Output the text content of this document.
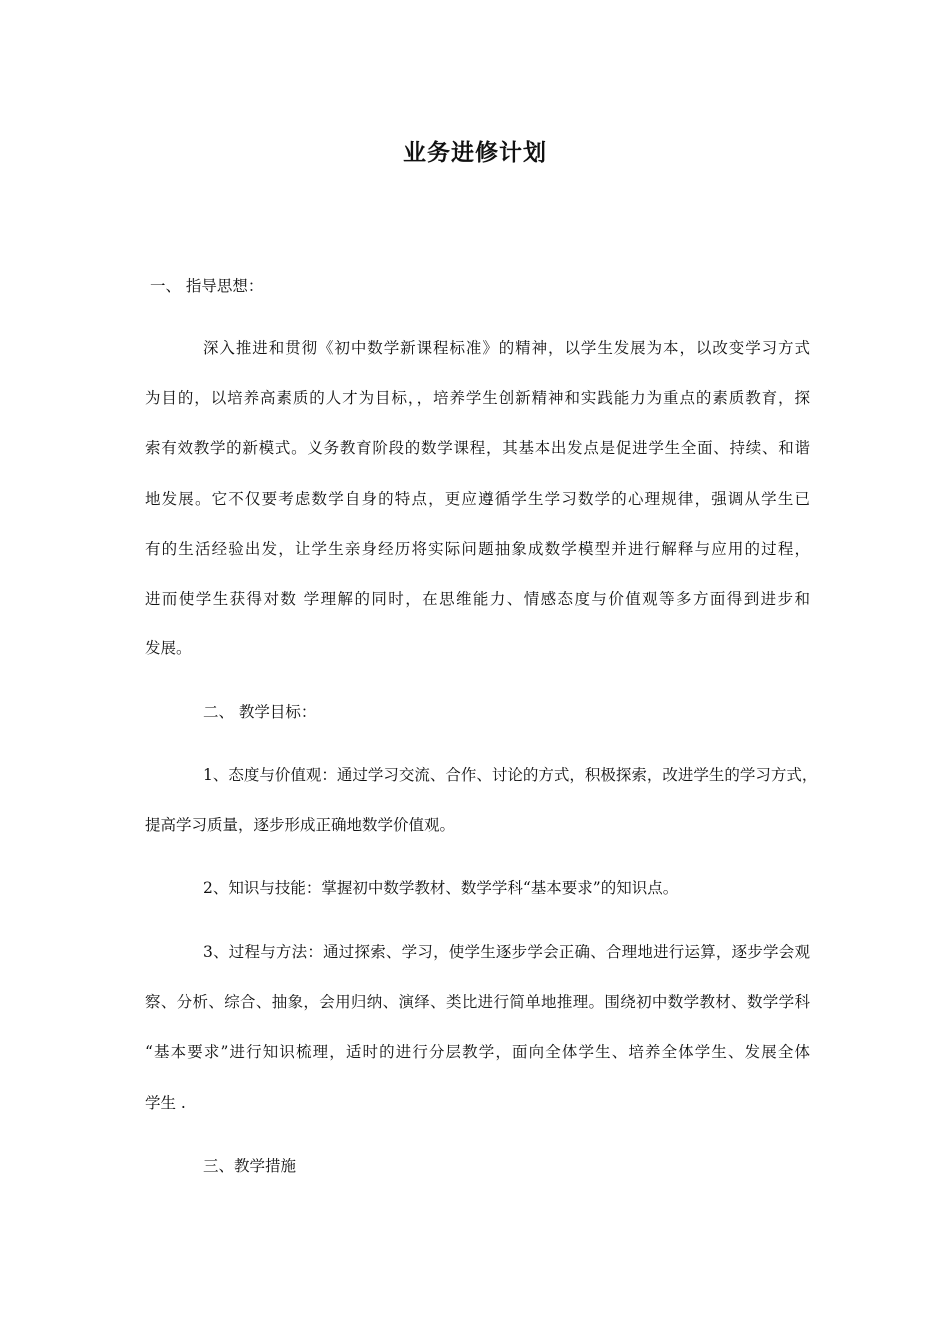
业务进修计划
一、 指导思想：
深入推进和贯彻《初中数学新课程标准》的精神，以学生发展为本，以改变学习方式
为目的，以培养高素质的人才为目标，，培养学生创新精神和实践能力为重点的素质教育，探
索有效教学的新模式。义务教育阶段的数学课程，其基本出发点是促进学生全面、持续、和谐
地发展。它不仅要考虑数学自身的特点，更应遵循学生学习数学的心理规律，强调从学生已
有的生活经验出发，让学生亲身经历将实际问题抽象成数学模型并进行解释与应用的过程，
进而使学生获得对数 学理解的同时，在思维能力、情感态度与价值观等多方面得到进步和
发展。
二、 教学目标：
1、态度与价值观：通过学习交流、合作、讨论的方式，积极探索，改进学生的学习方式，
提高学习质量，逐步形成正确地数学价值观。
2、知识与技能：掌握初中数学教材、数学学科“基本要求”的知识点。
3、过程与方法：通过探索、学习，使学生逐步学会正确、合理地进行运算，逐步学会观
察、分析、综合、抽象，会用归纳、演绎、类比进行简单地推理。围绕初中数学教材、数学学科
“基本要求”进行知识梳理，适时的进行分层教学，面向全体学生、培养全体学生、发展全体
学生 .
三、教学措施
